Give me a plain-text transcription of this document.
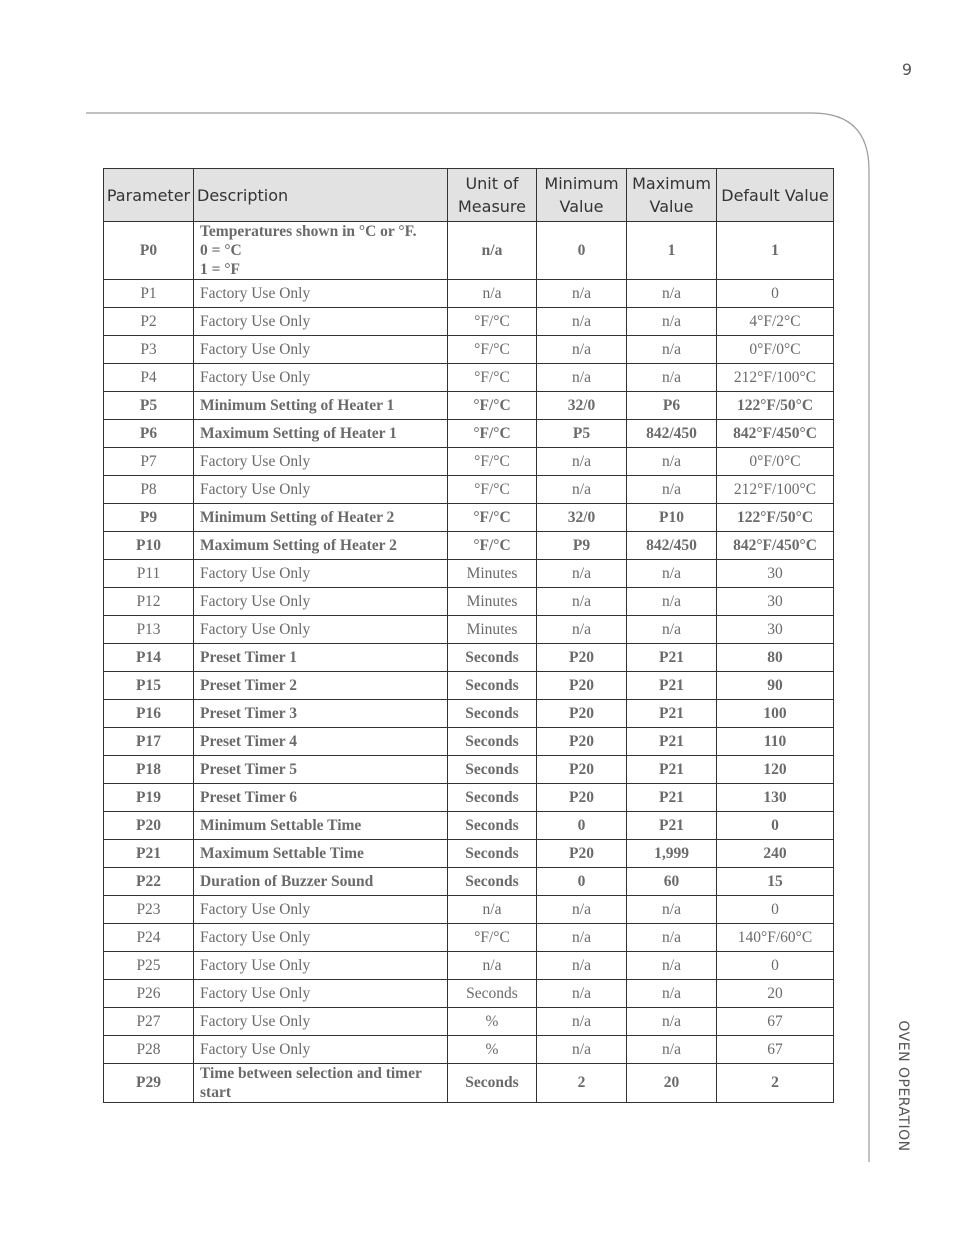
9
OVEN OPERATION
Parameter	Description	Unit of Measure	Minimum Value	Maximum Value	Default Value
P0	Temperatures shown in °C or °F.
0 = °C
1 = °F	n/a	0	1	1
P1	Factory Use Only	n/a	n/a	n/a	0
P2	Factory Use Only	°F/°C	n/a	n/a	4°F/2°C
P3	Factory Use Only	°F/°C	n/a	n/a	0°F/0°C
P4	Factory Use Only	°F/°C	n/a	n/a	212°F/100°C
P5	Minimum Setting of Heater 1	°F/°C	32/0	P6	122°F/50°C
P6	Maximum Setting of Heater 1	°F/°C	P5	842/450	842°F/450°C
P7	Factory Use Only	°F/°C	n/a	n/a	0°F/0°C
P8	Factory Use Only	°F/°C	n/a	n/a	212°F/100°C
P9	Minimum Setting of Heater 2	°F/°C	32/0	P10	122°F/50°C
P10	Maximum Setting of Heater 2	°F/°C	P9	842/450	842°F/450°C
P11	Factory Use Only	Minutes	n/a	n/a	30
P12	Factory Use Only	Minutes	n/a	n/a	30
P13	Factory Use Only	Minutes	n/a	n/a	30
P14	Preset Timer 1	Seconds	P20	P21	80
P15	Preset Timer 2	Seconds	P20	P21	90
P16	Preset Timer 3	Seconds	P20	P21	100
P17	Preset Timer 4	Seconds	P20	P21	110
P18	Preset Timer 5	Seconds	P20	P21	120
P19	Preset Timer 6	Seconds	P20	P21	130
P20	Minimum Settable Time	Seconds	0	P21	0
P21	Maximum Settable Time	Seconds	P20	1,999	240
P22	Duration of Buzzer Sound	Seconds	0	60	15
P23	Factory Use Only	n/a	n/a	n/a	0
P24	Factory Use Only	°F/°C	n/a	n/a	140°F/60°C
P25	Factory Use Only	n/a	n/a	n/a	0
P26	Factory Use Only	Seconds	n/a	n/a	20
P27	Factory Use Only	%	n/a	n/a	67
P28	Factory Use Only	%	n/a	n/a	67
P29	Time between selection and timer start	Seconds	2	20	2
